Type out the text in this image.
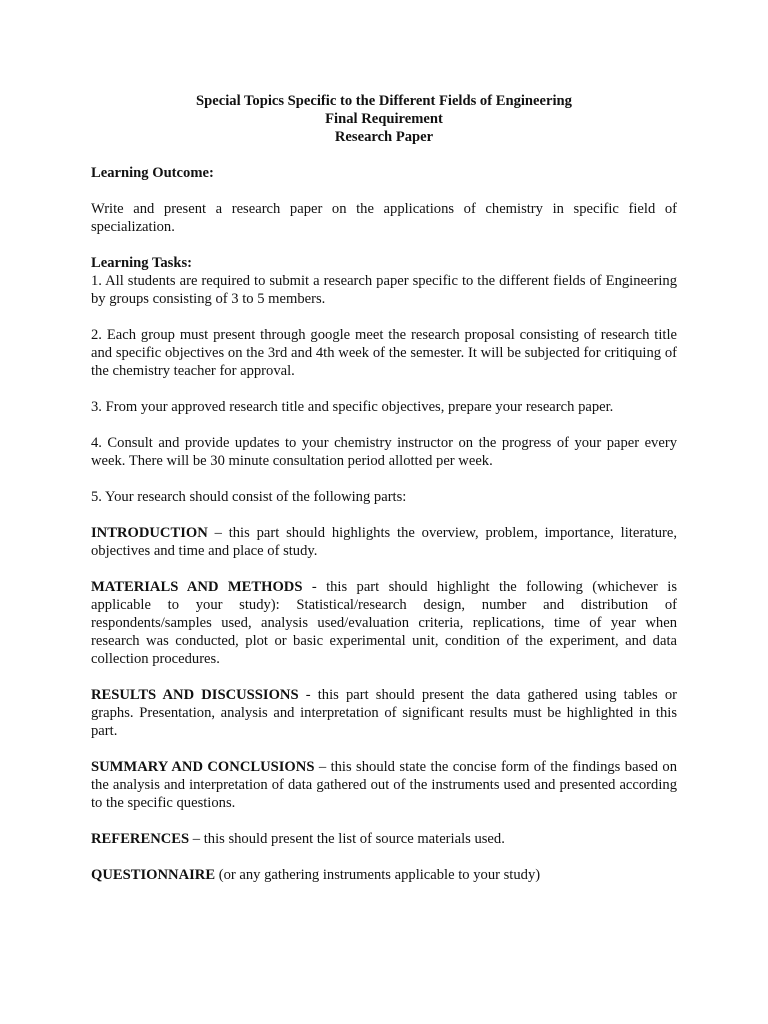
Special Topics Specific to the Different Fields of Engineering

Final Requirement

Research Paper

Learning Outcome:

Write and present a research paper on the applications of chemistry in specific field of specialization.

Learning Tasks:

1. All students are required to submit a research paper specific to the different fields of Engineering by groups consisting of 3 to 5 members.

2. Each group must present through google meet the research proposal consisting of research title and specific objectives on the 3rd and 4th week of the semester. It will be subjected for critiquing of the chemistry teacher for approval.

3. From your approved research title and specific objectives, prepare your research paper.

4. Consult and provide updates to your chemistry instructor on the progress of your paper every week. There will be 30 minute consultation period allotted per week.

5. Your research should consist of the following parts:

INTRODUCTION – this part should highlights the overview, problem, importance, literature, objectives and time and place of study.

MATERIALS AND METHODS - this part should highlight the following (whichever is applicable to your study): Statistical/research design, number and distribution of respondents/samples used, analysis used/evaluation criteria, replications, time of year when research was conducted, plot or basic experimental unit, condition of the experiment, and data collection procedures.

RESULTS AND DISCUSSIONS - this part should present the data gathered using tables or graphs. Presentation, analysis and interpretation of significant results must be highlighted in this part.

SUMMARY AND CONCLUSIONS – this should state the concise form of the findings based on the analysis and interpretation of data gathered out of the instruments used and presented according to the specific questions.

REFERENCES – this should present the list of source materials used.

QUESTIONNAIRE (or any gathering instruments applicable to your study)
